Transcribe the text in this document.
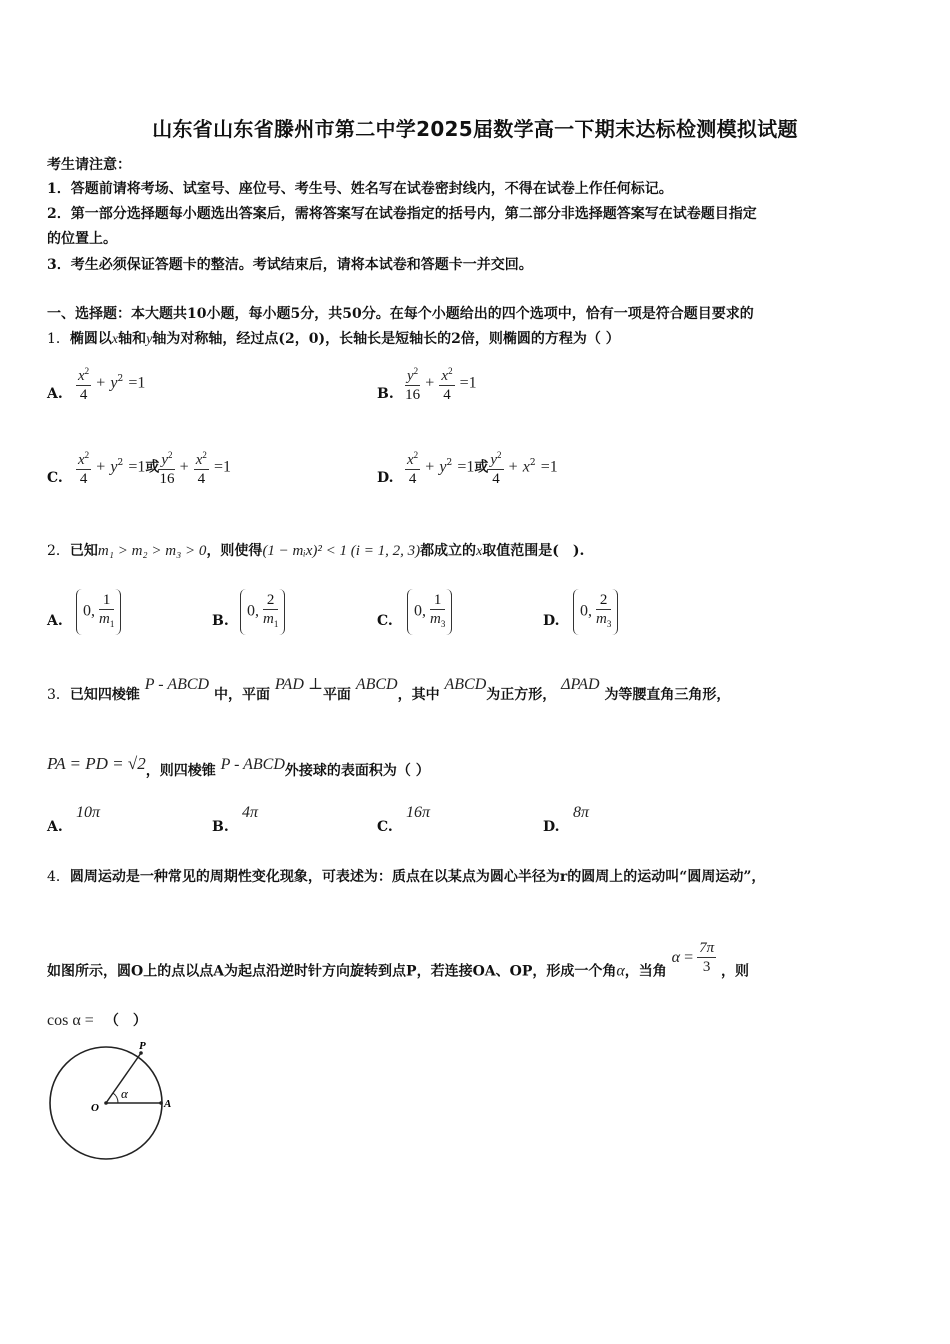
山东省山东省滕州市第二中学2025届数学高一下期末达标检测模拟试题
考生请注意：
1．答题前请将考场、试室号、座位号、考生号、姓名写在试卷密封线内，不得在试卷上作任何标记。
2．第一部分选择题每小题选出答案后，需将答案写在试卷指定的括号内，第二部分非选择题答案写在试卷题目指定
的位置上。
3．考生必须保证答题卡的整洁。考试结束后，请将本试卷和答题卡一并交回。
一、选择题：本大题共10小题，每小题5分，共50分。在每个小题给出的四个选项中，恰有一项是符合题目要求的
1．椭圆以x轴和y轴为对称轴，经过点(2，0)，长轴长是短轴长的2倍，则椭圆的方程为（ ）
A. $\frac{x^2}{4} + y^2 =1$
B. $\frac{y^2}{16} + \frac{x^2}{4} =1$
C. $\frac{x^2}{4} + y^2 =1$或 $\frac{y^2}{16} + \frac{x^2}{4} =1$
D. $\frac{x^2}{4} + y^2 =1$或 $\frac{y^2}{4} + x^2 =1$
2．已知m₁ > m₂ > m₃ > 0，则使得(1 − mᵢx)² < 1 (i = 1, 2, 3)都成立的x取值范围是(　).
A.
0, $\frac{1}{m_1}$	B.
0, $\frac{2}{m_1}$	C.
0, $\frac{1}{m_3}$	D.
0, $\frac{2}{m_3}$
3．已知四棱锥 P - ABCD 中，平面 PAD ⊥平面 ABCD，其中 ABCD为正方形， ΔPAD 为等腰直角三角形，
PA = PD = √2，则四棱锥 P - ABCD外接球的表面积为（ ）
A.
10π
B.
4π
C.
16π
D.
8π
4．圆周运动是一种常见的周期性变化现象，可表述为：质点在以某点为圆心半径为r的圆周上的运动叫“圆周运动”，
如图所示，圆O上的点以点A为起点沿逆时针方向旋转到点P，若连接OA、OP，形成一个角α，当角 $\alpha = \frac{7\pi}{3}$ ，则
cos α = （　）
O	A
P
α
